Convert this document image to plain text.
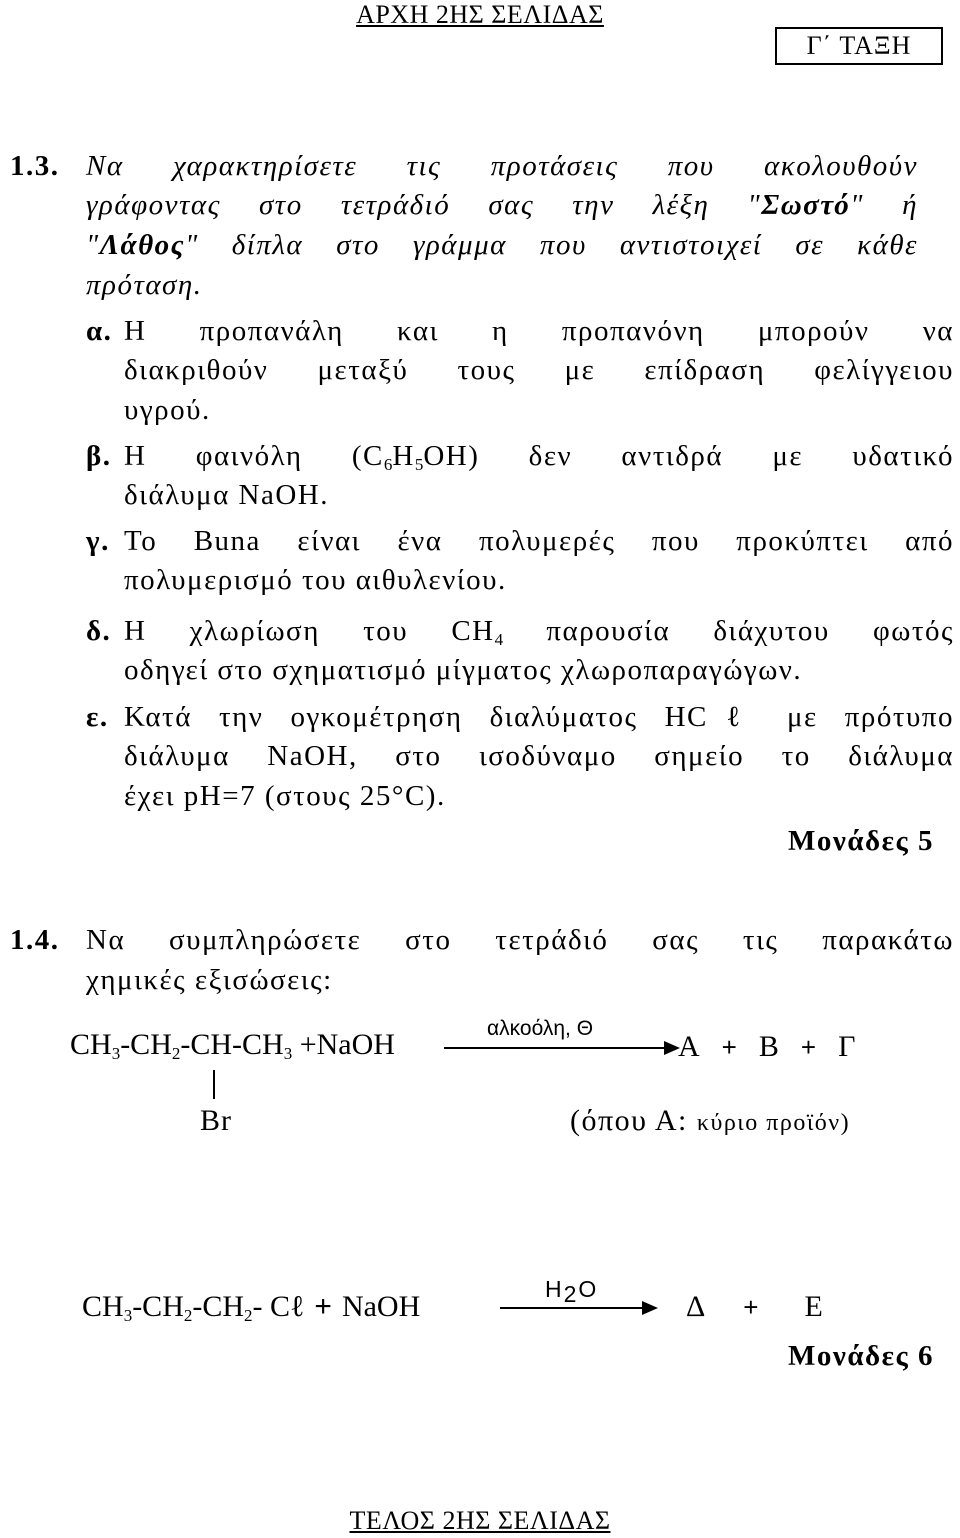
ΑΡΧΗ 2ΗΣ ΣΕΛΙΔΑΣ
Γ΄ ΤΑΞΗ
1.3. Να χαρακτηρίσετε τις προτάσεις που ακολουθούν
γράφοντας στο τετράδιό σας την λέξη "Σωστό" ή
"Λάθος" δίπλα στο γράμμα που αντιστοιχεί σε κάθε
πρόταση.
α. Η προπανάλη και η προπανόνη μπορούν να
διακριθούν μεταξύ τους με επίδραση φελίγγειου
υγρού.
β. Η φαινόλη $(C_6H_5OH)$ δεν αντιδρά με υδατικό
διάλυμα NaOH.
γ. Το Buna είναι ένα πολυμερές που προκύπτει από
πολυμερισμό του αιθυλενίου.
δ. Η χλωρίωση του $CH_4$ παρουσία διάχυτου φωτός
οδηγεί στο σχηματισμό μίγματος χλωροπαραγώγων.
ε. Κατά την ογκομέτρηση διαλύματος HCℓ με πρότυπο
διάλυμα NaOH, στο ισοδύναμο σημείο το διάλυμα
έχει pH=7 (στους 25°C).
Μονάδες 5
1.4. Να συμπληρώσετε στο τετράδιό σας τις παρακάτω
χημικές εξισώσεις:
$CH_3-CH_2-CH-CH_3$ +NaOH	αλκοόλη, Θ
Α + Β + Γ
Br	(όπου Α: κύριο προϊόν)
$CH_3-CH_2-CH_2-$ Cℓ + NaOH
H2O
Δ + Ε
Μονάδες 6
ΤΕΛΟΣ 2ΗΣ ΣΕΛΙΔΑΣ
